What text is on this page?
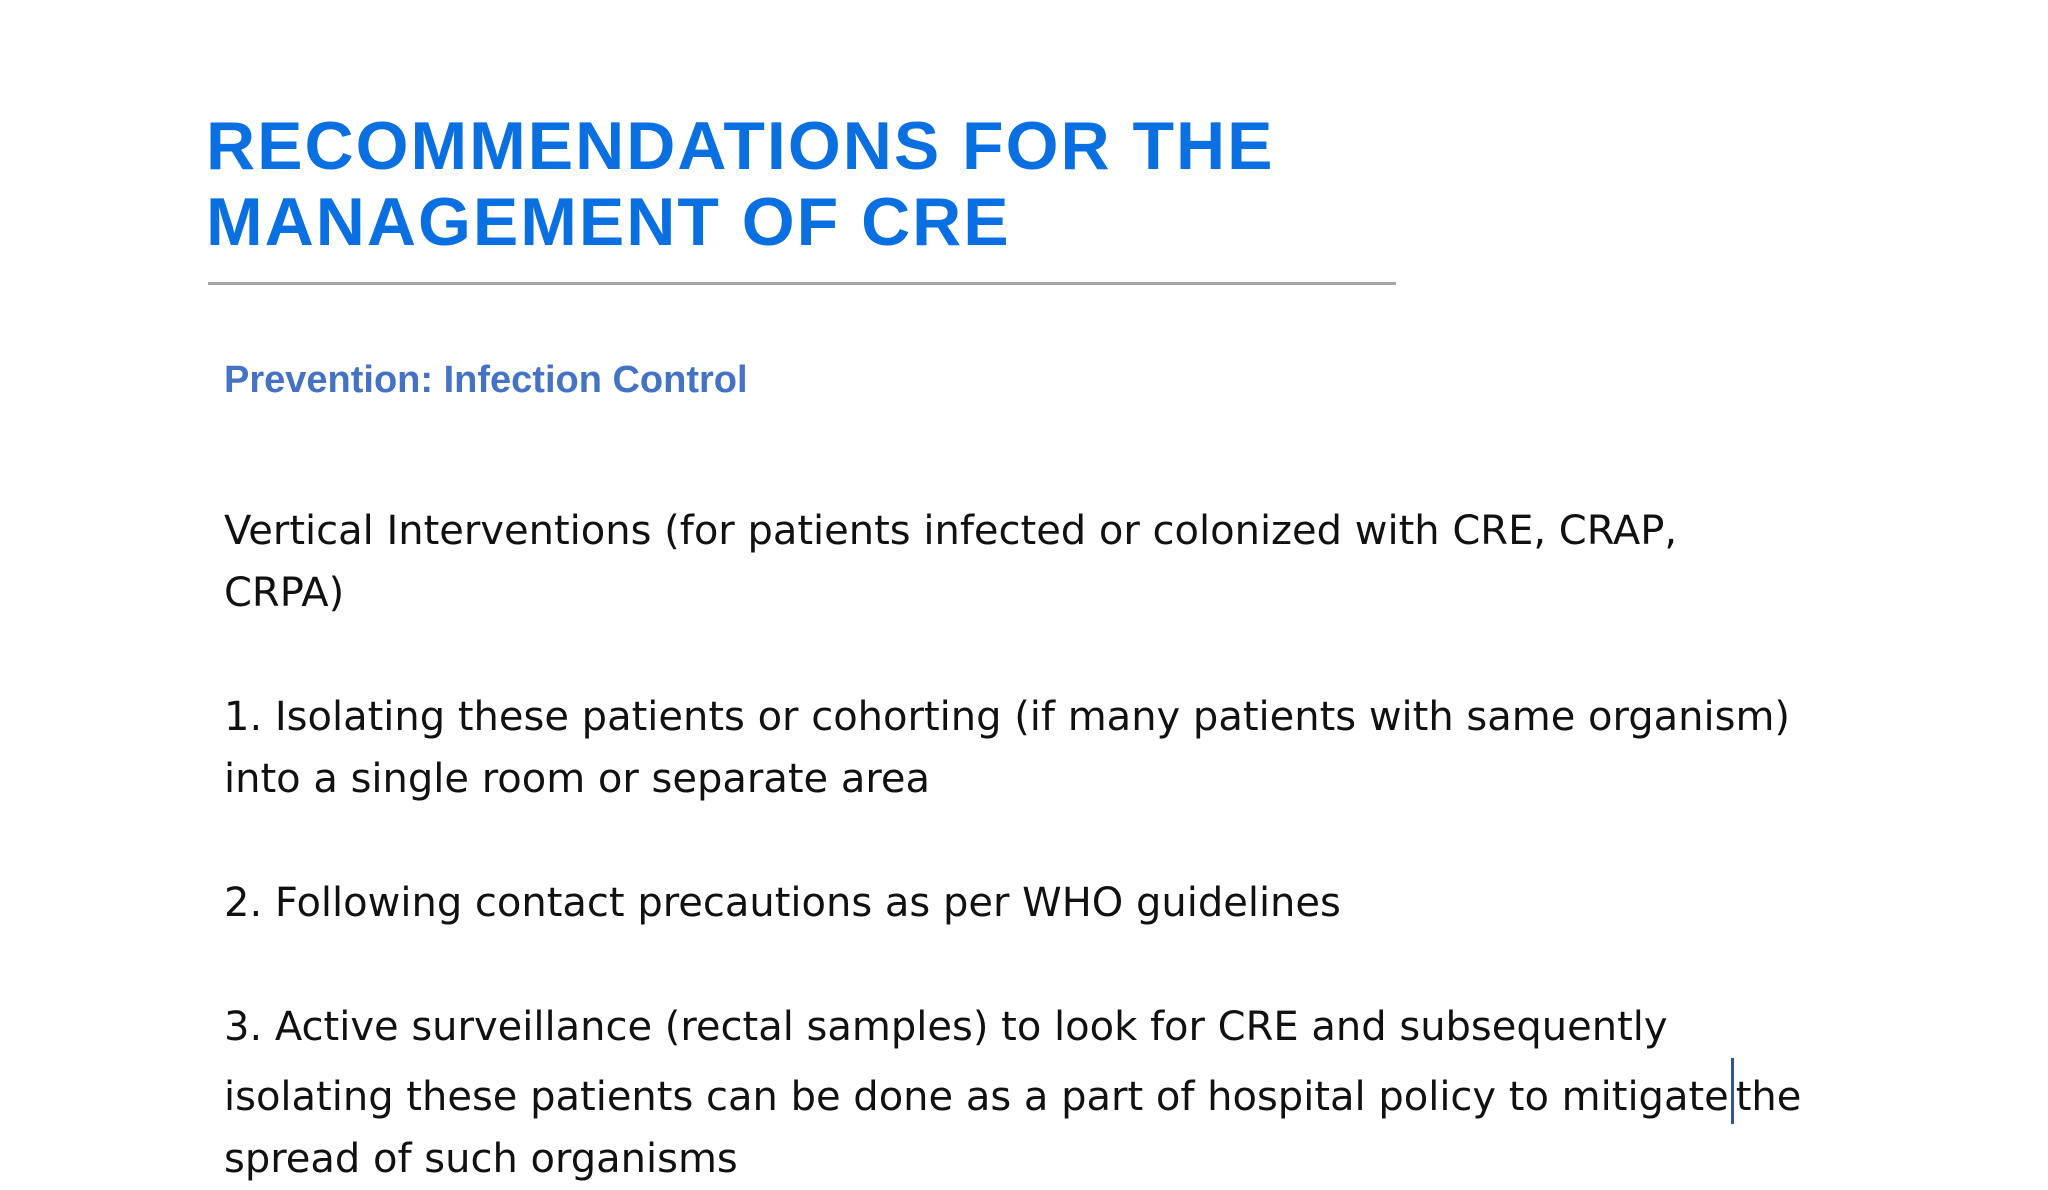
RECOMMENDATIONS FOR THE
MANAGEMENT OF CRE
Prevention: Infection Control

Vertical Interventions (for patients infected or colonized with CRE, CRAP,
CRPA)

1. Isolating these patients or cohorting (if many patients with same organism)
into a single room or separate area

2. Following contact precautions as per WHO guidelines

3. Active surveillance (rectal samples) to look for CRE and subsequently
isolating these patients can be done as a part of hospital policy to mitigate the
spread of such organisms
